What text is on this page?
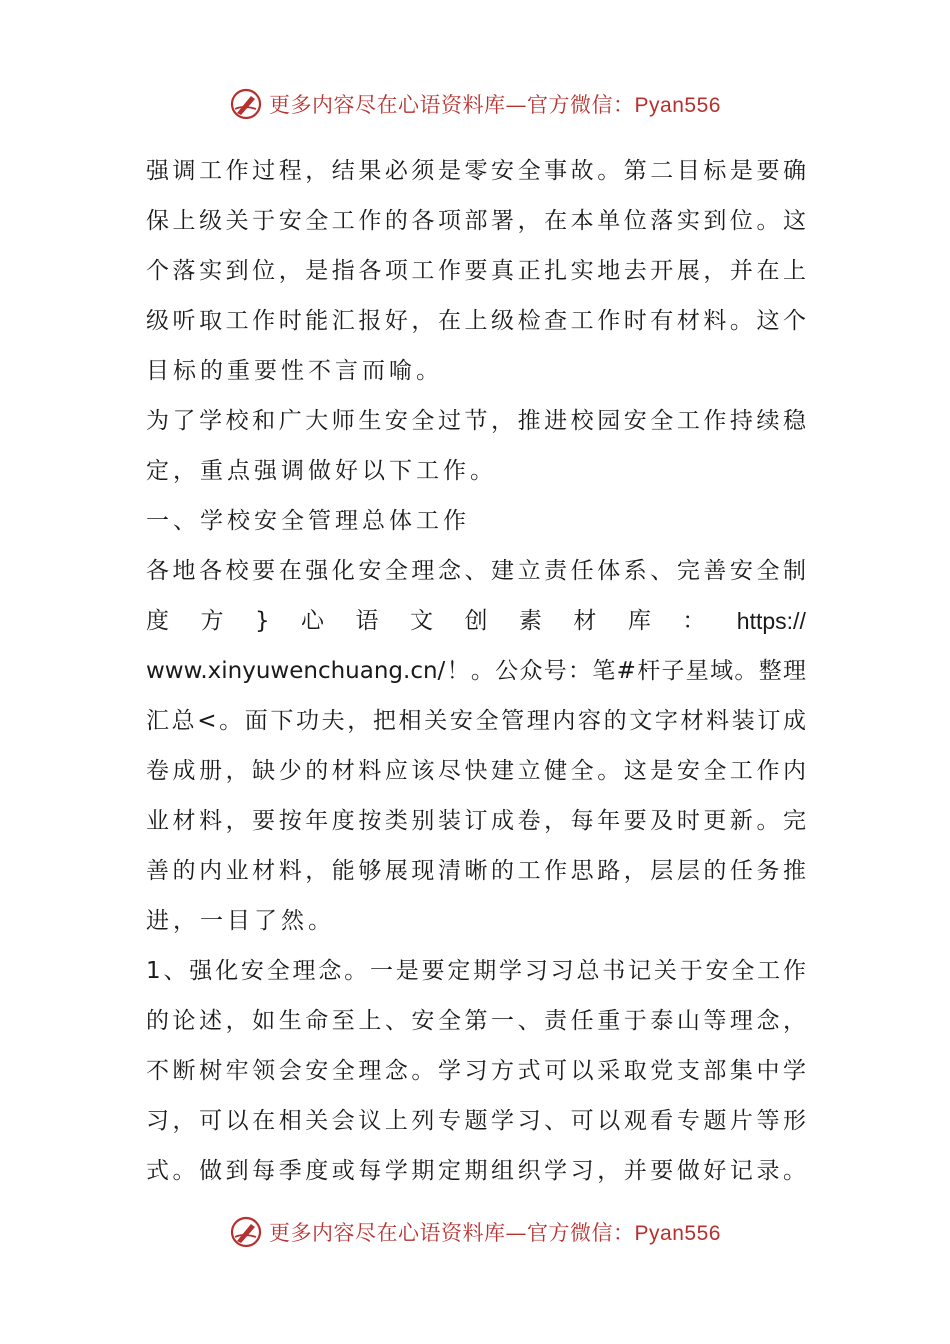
更多内容尽在心语资料库—官方微信：Pyan556
强调工作过程，结果必须是零安全事故。第二目标是要确
保上级关于安全工作的各项部署，在本单位落实到位。这
个落实到位，是指各项工作要真正扎实地去开展，并在上
级听取工作时能汇报好，在上级检查工作时有材料。这个
目标的重要性不言而喻。
为了学校和广大师生安全过节，推进校园安全工作持续稳
定，重点强调做好以下工作。
一、学校安全管理总体工作
各地各校要在强化安全理念、建立责任体系、完善安全制
度 方 } 心 语 文 创 素 材 库 ： https://
www.xinyuwenchuang.cn/！。公众号：笔#杆子星域。整理
汇总<。面下功夫，把相关安全管理内容的文字材料装订成
卷成册，缺少的材料应该尽快建立健全。这是安全工作内
业材料，要按年度按类别装订成卷，每年要及时更新。完
善的内业材料，能够展现清晰的工作思路，层层的任务推
进，一目了然。
1、强化安全理念。一是要定期学习习总书记关于安全工作
的论述，如生命至上、安全第一、责任重于泰山等理念，
不断树牢领会安全理念。学习方式可以采取党支部集中学
习，可以在相关会议上列专题学习、可以观看专题片等形
式。做到每季度或每学期定期组织学习，并要做好记录。
更多内容尽在心语资料库—官方微信：Pyan556
